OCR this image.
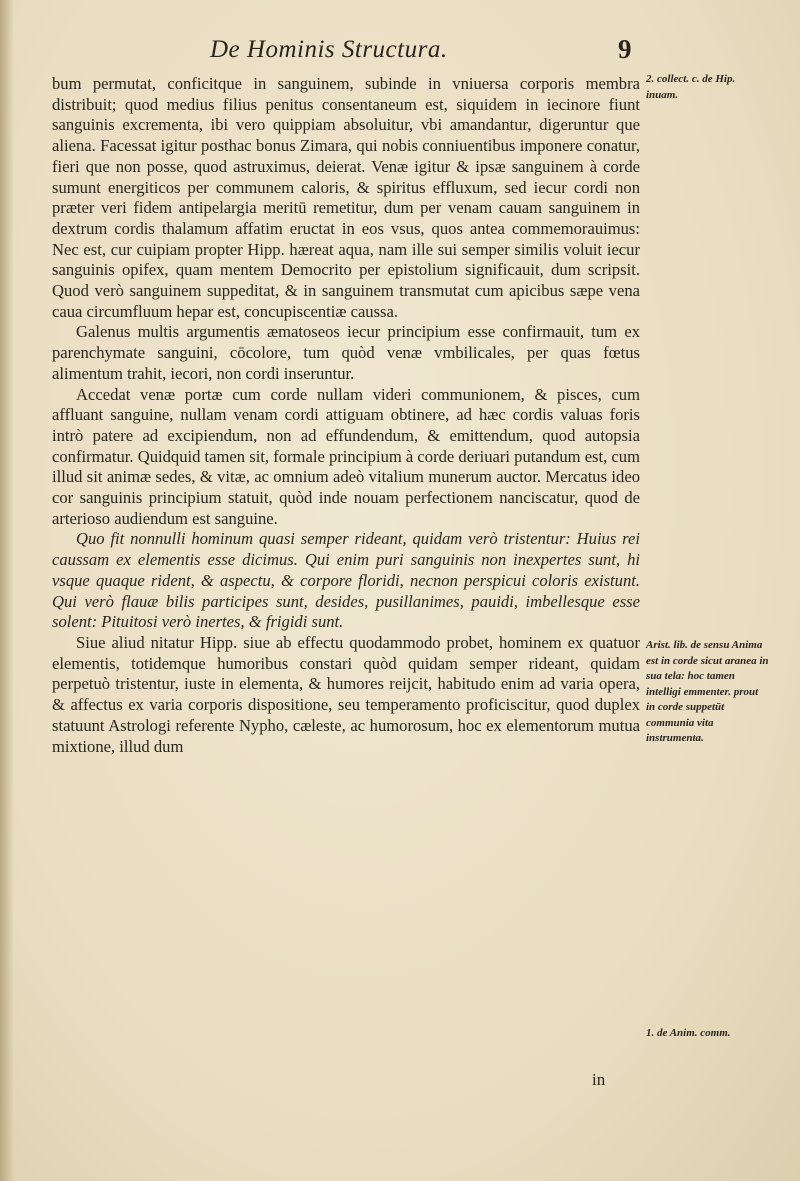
De Hominis Structura.	9

bum permutat, conficitque in sanguinem, subinde in vniuersa corporis membra distribuit; quod medius filius penitus consentaneum est, siquidem in iecinore fiunt sanguinis excrementa, ibi vero quippiam absoluitur, vbi amandantur, digeruntur que aliena. Facessat igitur posthac bonus Zimara, qui nobis conniuentibus imponere conatur, fieri que non posse, quod astruximus, deierat. Venæ igitur & ipsæ sanguinem à corde sumunt energiticos per communem caloris, & spiritus effluxum, sed iecur cordi non præter veri fidem antipelargia meritū remetitur, dum per venam cauam sanguinem in dextrum cordis thalamum affatim eructat in eos vsus, quos antea commemorauimus: Nec est, cur cuipiam propter Hipp. hæreat aqua, nam ille sui semper similis voluit iecur sanguinis opifex, quam mentem Democrito per epistolium significauit, dum scripsit. Quod verò sanguinem suppeditat, & in sanguinem transmutat cum apicibus sæpe vena caua circumfluum hepar est, concupiscentiæ caussa.

Galenus multis argumentis æmatoseos iecur principium esse confirmauit, tum ex parenchymate sanguini, cōcolore, tum quòd venæ vmbilicales, per quas fœtus alimentum trahit, iecori, non cordi inseruntur.

Accedat venæ portæ cum corde nullam videri communionem, & pisces, cum affluant sanguine, nullam venam cordi attiguam obtinere, ad hæc cordis valuas foris intrò patere ad excipiendum, non ad effundendum, & emittendum, quod autopsia confirmatur. Quidquid tamen sit, formale principium à corde deriuari putandum est, cum illud sit animæ sedes, & vitæ, ac omnium adeò vitalium munerum auctor. Mercatus ideo cor sanguinis principium statuit, quòd inde nouam perfectionem nanciscatur, quod de arterioso audiendum est sanguine.

Quo fit nonnulli hominum quasi semper rideant, quidam verò tristentur: Huius rei caussam ex elementis esse dicimus. Qui enim puri sanguinis non inexpertes sunt, hi vsque quaque rident, & aspectu, & corpore floridi, necnon perspicui coloris existunt. Qui verò flauæ bilis participes sunt, desides, pusillanimes, pauidi, imbellesque esse solent: Pituitosi verò inertes, & frigidi sunt.

Siue aliud nitatur Hipp. siue ab effectu quodammodo probet, hominem ex quatuor elementis, totidemque humoribus constari quòd quidam semper rideant, quidam perpetuò tristentur, iuste in elementa, & humores reijcit, habitudo enim ad varia opera, & affectus ex varia corporis dispositione, seu temperamento proficiscitur, quod duplex statuunt Astrologi referente Nypho, cæleste, ac humorosum, hoc ex elementorum mutua mixtione, illud dum

2. collect. c. de Hip. inuam.
Arist. lib. de sensu Anima est in corde sicut aranea in sua tela: hoc tamen intelligi emmenter. prout in corde suppetūt communia vita instrumenta.
1. de Anim. comm.
in
